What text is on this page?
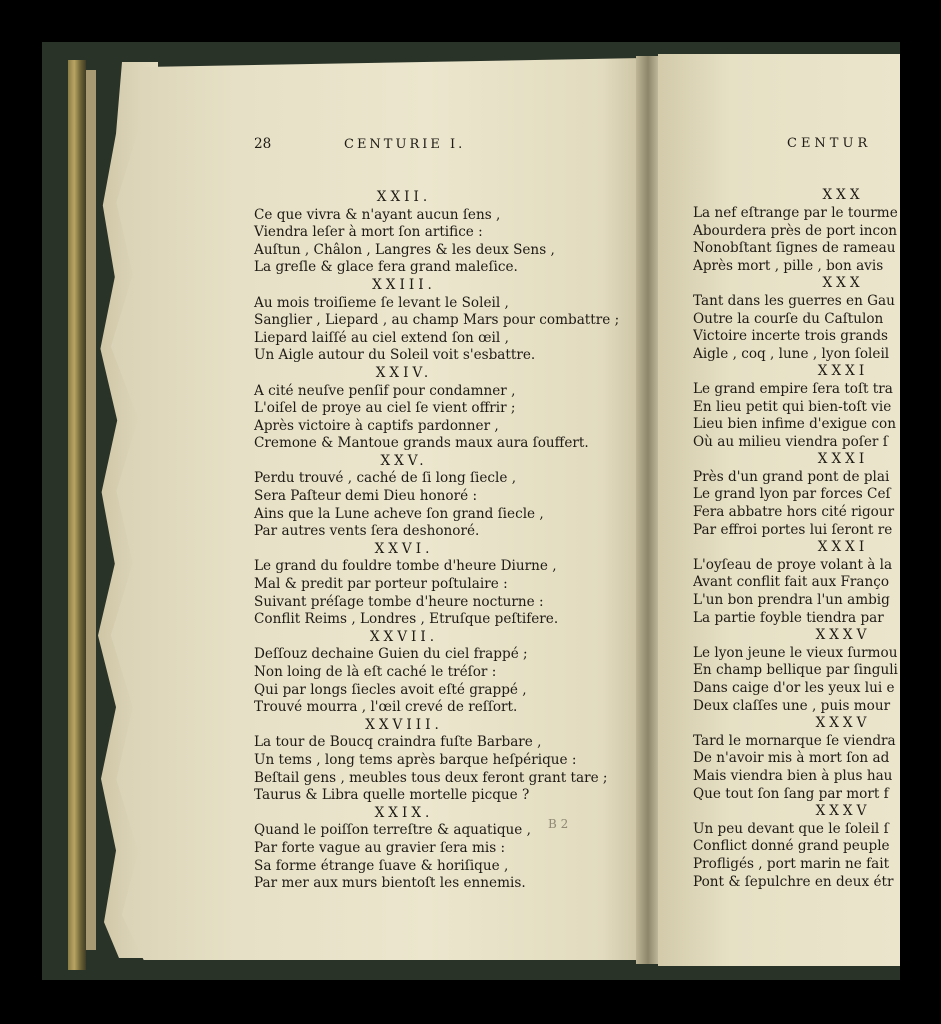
28

	CENTURIE I.

XXII.
Ce que vivra & n'ayant aucun ſens ,
Viendra leſer à mort ſon artifice :
Auſtun , Châlon , Langres & les deux Sens ,
La greſle & glace fera grand maleſice.
XXIII.
Au mois troiſieme ſe levant le Soleil ,
Sanglier , Liepard , au champ Mars pour combattre ;
Liepard laiſſé au ciel extend ſon œil ,
Un Aigle autour du Soleil voit s'esbattre.
XXIV.
A cité neuſve penſif pour condamner ,
L'oiſel de proye au ciel ſe vient offrir ;
Après victoire à captifs pardonner ,
Cremone & Mantoue grands maux aura ſouffert.
XXV.
Perdu trouvé , caché de ſi long ſiecle ,
Sera Paſteur demi Dieu honoré :
Ains que la Lune acheve ſon grand ſiecle ,
Par autres vents ſera deshonoré.
XXVI.
Le grand du fouldre tombe d'heure Diurne ,
Mal & predit par porteur poſtulaire :
Suivant préſage tombe d'heure nocturne :
Conflit Reims , Londres , Etruſque peſtifere.
XXVII.
Deſſouz dechaine Guien du ciel frappé ;
Non loing de là eſt caché le tréſor :
Qui par longs ſiecles avoit eſté grappé ,
Trouvé mourra , l'œil crevé de reſſort.
XXVIII.
La tour de Boucq craindra fuſte Barbare ,
Un tems , long tems après barque heſpérique :
Beſtail gens , meubles tous deux feront grant tare ;
Taurus & Libra quelle mortelle picque ?
XXIX.
Quand le poiſſon terreſtre & aquatique ,
Par forte vague au gravier ſera mis :
Sa forme étrange ſuave & horiſique ,
Par mer aux murs bientoſt les ennemis.

B 2

CENTUR

XXX
La nef eſtrange par le tourme
Abourdera près de port incon
Nonobſtant ſignes de rameau
Après mort , pille , bon avis
XXX
Tant dans les guerres en Gau
Outre la courſe du Caſtulon
Victoire incerte trois grands
Aigle , coq , lune , lyon ſoleil
XXXI
Le grand empire ſera toſt tra
En lieu petit qui bien-toſt vie
Lieu bien infime d'exigue con
Où au milieu viendra poſer ſ
XXXI
Près d'un grand pont de plai
Le grand lyon par forces Ceſ
Fera abbatre hors cité rigour
Par effroi portes lui ſeront re
XXXI
L'oyſeau de proye volant à la
Avant conflit fait aux Franço
L'un bon prendra l'un ambig
La partie foyble tiendra par
XXXV
Le lyon jeune le vieux ſurmou
En champ bellique par ſinguli
Dans caige d'or les yeux lui e
Deux claſſes une , puis mour
XXXV
Tard le mornarque ſe viendra
De n'avoir mis à mort ſon ad
Mais viendra bien à plus hau
Que tout ſon ſang par mort f
XXXV
Un peu devant que le ſoleil ſ
Conflict donné grand peuple
Profligés , port marin ne fait
Pont & ſepulchre en deux étr
